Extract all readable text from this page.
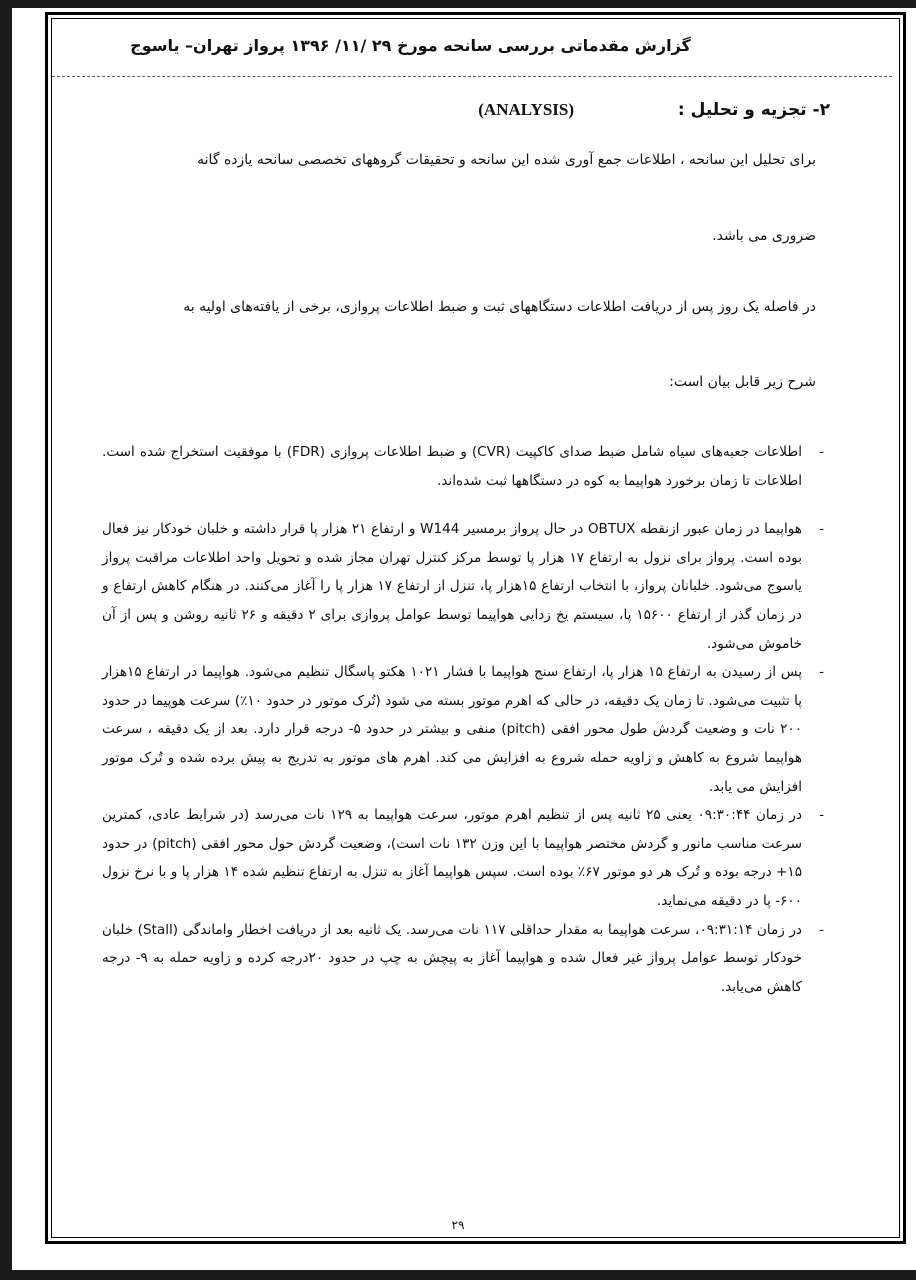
گزارش مقدماتی بررسی سانحه مورخ ۲۹ /۱۱/ ۱۳۹۶ پرواز تهران– یاسوج
۲- تجزیه و تحلیل :
(ANALYSIS)
برای تحلیل این سانحه ، اطلاعات جمع آوری شده این سانحه و تحقیقات گروههای تخصصی سانحه یازده گانه
ضروری می باشد.
در فاصله یک روز پس از دریافت اطلاعات دستگاههای ثبت و ضبط اطلاعات پروازی، برخی از یافته‌های اولیه به
شرح زیر قابل بیان است:
-
اطلاعات جعبه‌های سیاه شامل ضبط صدای کاکپیت (CVR) و ضبط اطلاعات پروازی (FDR) با موفقیت استخراج شده است. اطلاعات تا زمان برخورد هواپیما به کوه در دستگاهها ثبت شده‌اند.
-
هواپیما در زمان عبور ازنقطه OBTUX در حال پرواز برمسیر W144 و ارتفاع ۲۱ هزار پا قرار داشته و خلبان خودکار نیز فعال بوده است. پرواز برای نزول به ارتفاع ۱۷ هزار پا توسط مرکز کنترل تهران مجاز شده و تحویل واحد اطلاعات مراقبت پرواز یاسوج می‌شود. خلبانان پرواز، با انتخاب ارتفاع ۱۵هزار پا، تنزل از ارتفاع ۱۷ هزار پا را آغاز می‌کنند. در هنگام کاهش ارتفاع و در زمان گذر از ارتفاع ۱۵۶۰۰ پا، سیستم یخ زدایی هواپیما توسط عوامل پروازی برای ۲ دقیقه و ۲۶ ثانیه روشن و پس از آن خاموش می‌شود.
-
پس از رسیدن به ارتفاع ۱۵ هزار پا، ارتفاع سنج هواپیما با فشار ۱۰۲۱ هکتو پاسگال تنظیم می‌شود. هواپیما در ارتفاع ۱۵هزار پا تثبیت می‌شود. تا زمان یک دقیقه، در حالی که اهرم موتور بسته می شود (تُرک موتور در حدود ۱۰٪) سرعت هوپیما در حدود ۲۰۰ نات و وضعیت گردش طول محور افقی (pitch) منفی و بیشتر در حدود ۵- درجه قرار دارد. بعد از یک دقیقه ، سرعت هواپیما شروع به کاهش و زاویه حمله شروع به افزایش می کند. اهرم های موتور به تدریج به پیش برده شده و تُرک موتور افزایش می یابد.
-
در زمان ۰۹:۳۰:۴۴ یعنی ۲۵ ثانیه پس از تنظیم اهرم موتور، سرعت هواپیما به ۱۲۹ نات می‌رسد (در شرایط عادی، کمترین سرعت مناسب مانور و گردش مختصر هواپیما با این وزن ۱۳۲ نات است)، وضعیت گردش حول محور افقی (pitch) در حدود ۱۵+ درجه بوده و تُرک هر دو موتور ۶۷٪ بوده است. سپس هواپیما آغاز به تنزل به ارتفاع تنظیم شده ۱۴ هزار پا و با نرخ نزول ۶۰۰- پا در دقیقه می‌نماید.
-
در زمان ۰۹:۳۱:۱۴، سرعت هواپیما به مقدار حداقلی ۱۱۷ نات می‌رسد. یک ثانیه بعد از دریافت اخطار واماندگی (Stall) خلبان خودکار توسط عوامل پرواز غیر فعال شده و هواپیما آغاز به پیچش به چپ در حدود ۲۰درجه کرده و زاویه حمله به ۹- درجه کاهش می‌یابد.
۲۹
